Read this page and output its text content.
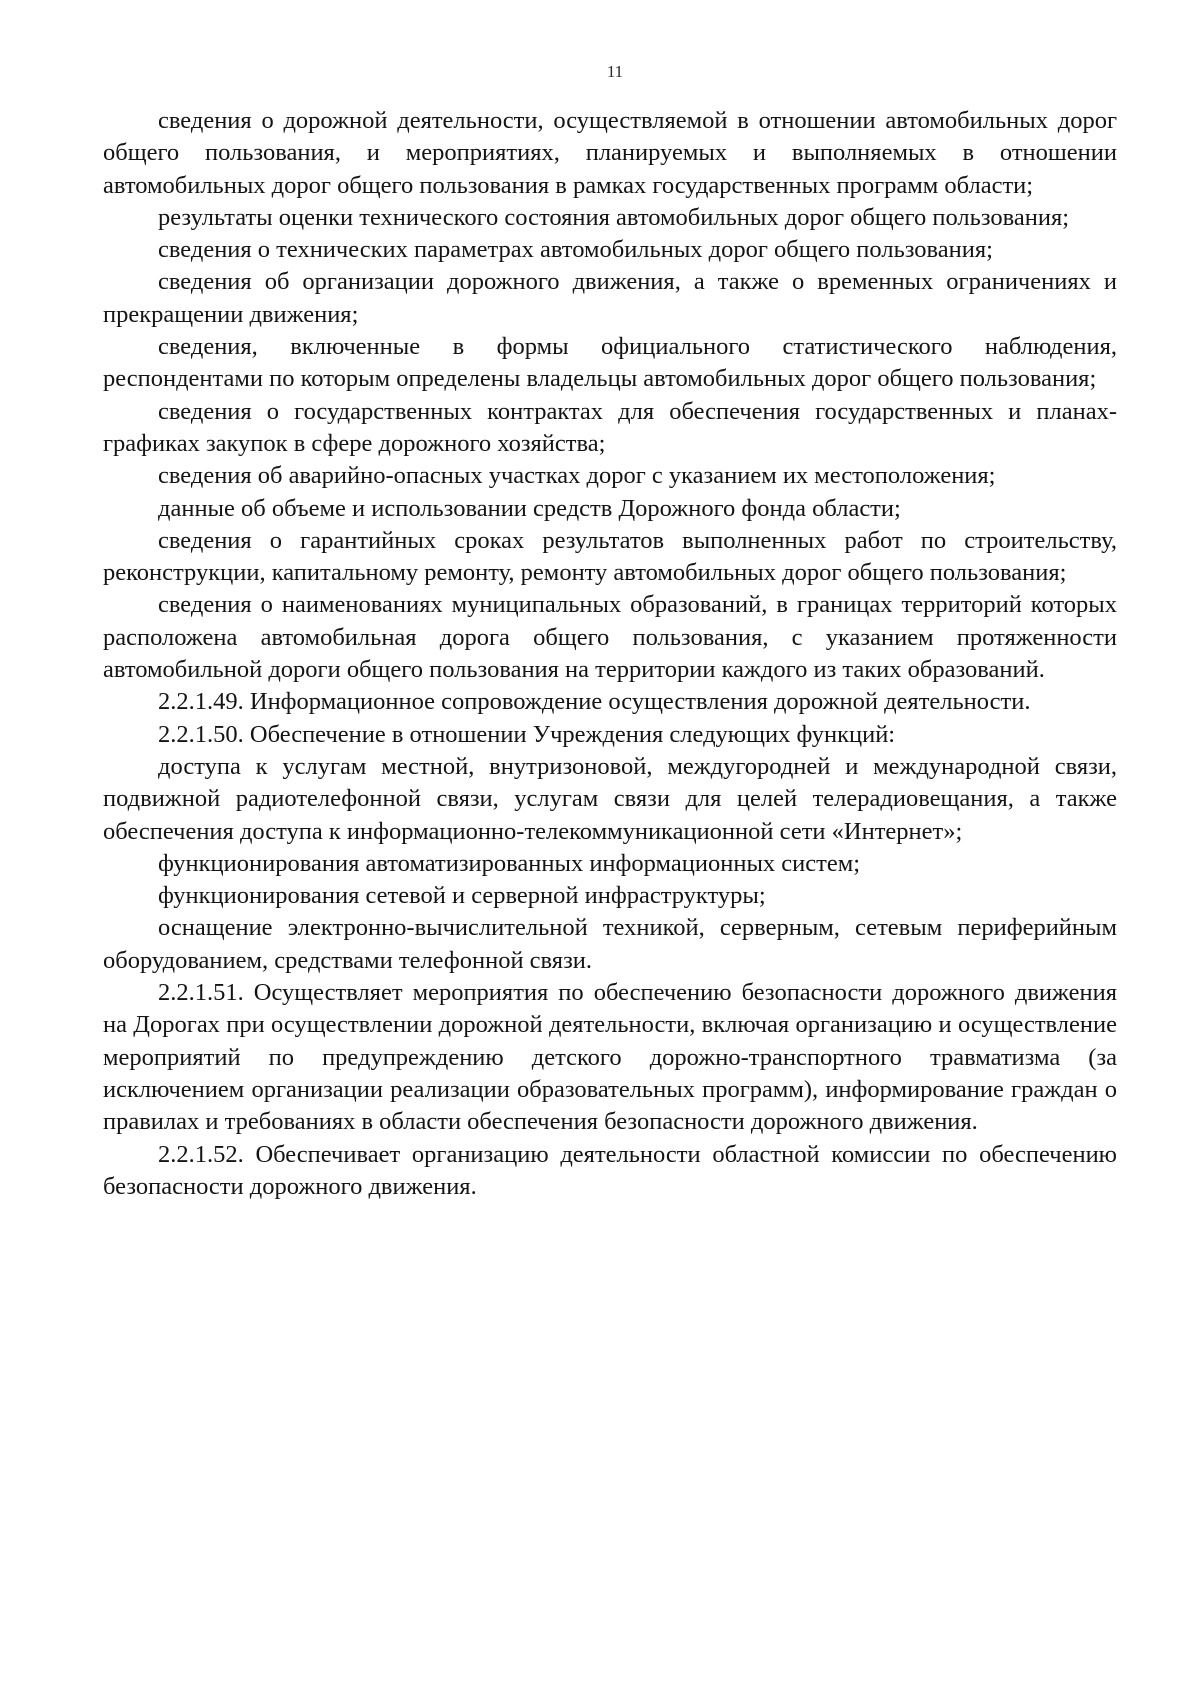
11

сведения о дорожной деятельности, осуществляемой в отношении автомобильных дорог общего пользования, и мероприятиях, планируемых и выполняемых в отношении автомобильных дорог общего пользования в рамках государственных программ области;

результаты оценки технического состояния автомобильных дорог общего пользования;

сведения о технических параметрах автомобильных дорог общего пользования;

сведения об организации дорожного движения, а также о временных ограничениях и прекращении движения;

сведения, включенные в формы официального статистического наблюдения, респондентами по которым определены владельцы автомобильных дорог общего пользования;

сведения о государственных контрактах для обеспечения государственных и планах-графиках закупок в сфере дорожного хозяйства;

сведения об аварийно-опасных участках дорог с указанием их местоположения;

данные об объеме и использовании средств Дорожного фонда области;

сведения о гарантийных сроках результатов выполненных работ по строительству, реконструкции, капитальному ремонту, ремонту автомобильных дорог общего пользования;

сведения о наименованиях муниципальных образований, в границах территорий которых расположена автомобильная дорога общего пользования, с указанием протяженности автомобильной дороги общего пользования на территории каждого из таких образований.

2.2.1.49. Информационное сопровождение осуществления дорожной деятельности.

2.2.1.50. Обеспечение в отношении Учреждения следующих функций:

доступа к услугам местной, внутризоновой, междугородней и международной связи, подвижной радиотелефонной связи, услугам связи для целей телерадиовещания, а также обеспечения доступа к информационно-телекоммуникационной сети «Интернет»;

функционирования автоматизированных информационных систем;

функционирования сетевой и серверной инфраструктуры;

оснащение электронно-вычислительной техникой, серверным, сетевым периферийным оборудованием, средствами телефонной связи.

2.2.1.51. Осуществляет мероприятия по обеспечению безопасности дорожного движения на Дорогах при осуществлении дорожной деятельности, включая организацию и осуществление мероприятий по предупреждению детского дорожно-транспортного травматизма (за исключением организации реализации образовательных программ), информирование граждан о правилах и требованиях в области обеспечения безопасности дорожного движения.

2.2.1.52. Обеспечивает организацию деятельности областной комиссии по обеспечению безопасности дорожного движения.
